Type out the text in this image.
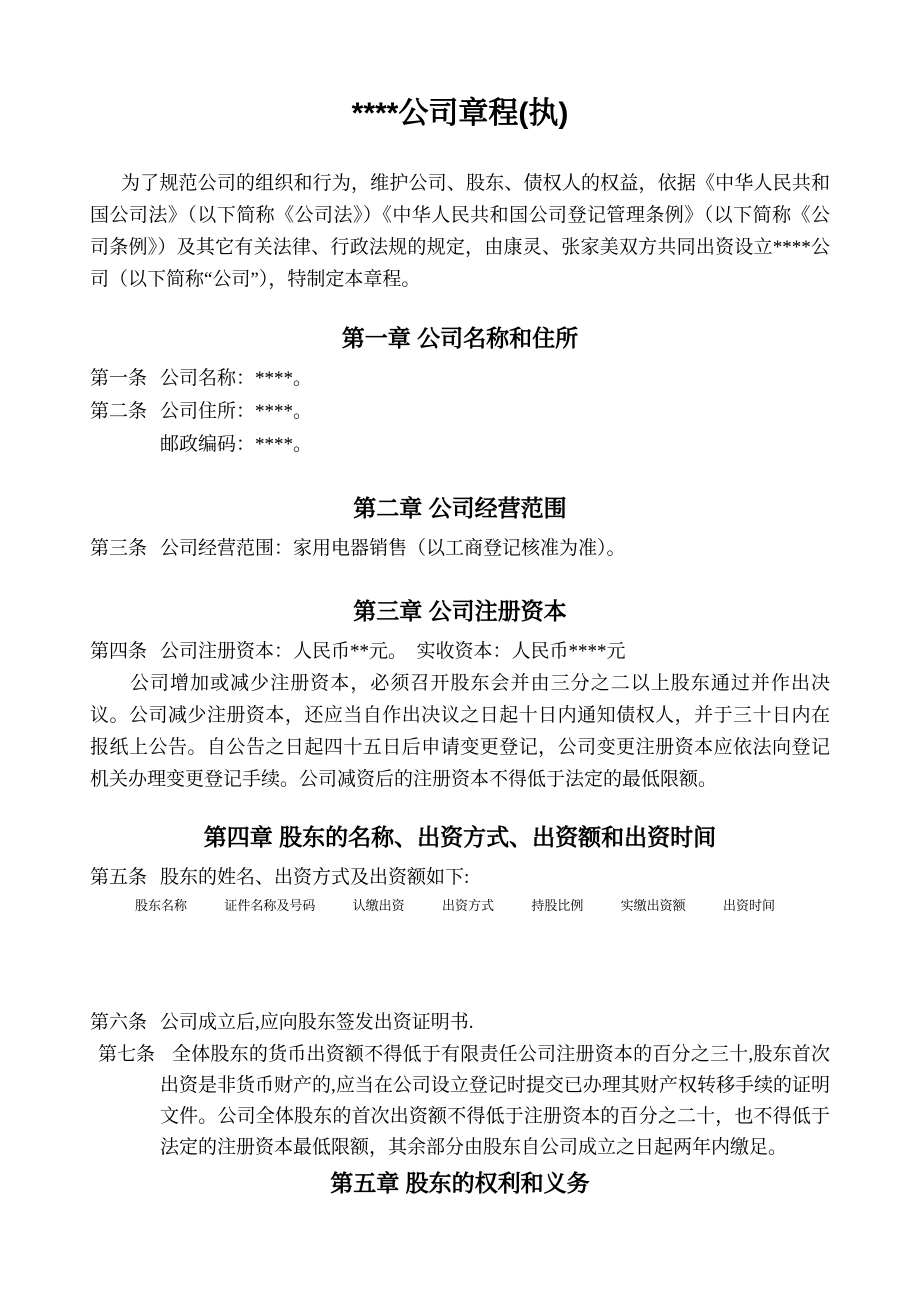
****公司章程(执)

为了规范公司的组织和行为，维护公司、股东、债权人的权益，依据《中华人民共和国公司法》（以下简称《公司法》）《中华人民共和国公司登记管理条例》（以下简称《公司条例》）及其它有关法律、行政法规的规定，由康灵、张家美双方共同出资设立****公司（以下简称“公司”），特制定本章程。

第一章 公司名称和住所
第一条 公司名称：****。
第二条 公司住所：****。
邮政编码：****。
第二章 公司经营范围
第三条 公司经营范围：家用电器销售（以工商登记核准为准）。
第三章 公司注册资本
第四条 公司注册资本：人民币**元。　实收资本：人民币****元

公司增加或减少注册资本，必须召开股东会并由三分之二以上股东通过并作出决议。公司减少注册资本，还应当自作出决议之日起十日内通知债权人，并于三十日内在报纸上公告。自公告之日起四十五日后申请变更登记，公司变更注册资本应依法向登记机关办理变更登记手续。公司减资后的注册资本不得低于法定的最低限额。

第四章 股东的名称、出资方式、出资额和出资时间
第五条 股东的姓名、出资方式及出资额如下:
股东名称	证件名称及号码	认缴出资	出资方式	持股比例	实缴出资额	出资时间
第六条 公司成立后,应向股东签发出资证明书.
第七条 全体股东的货币出资额不得低于有限责任公司注册资本的百分之三十,股东首次出资是非货币财产的,应当在公司设立登记时提交已办理其财产权转移手续的证明文件。公司全体股东的首次出资额不得低于注册资本的百分之二十，也不得低于法定的注册资本最低限额，其余部分由股东自公司成立之日起两年内缴足。
第五章 股东的权利和义务
